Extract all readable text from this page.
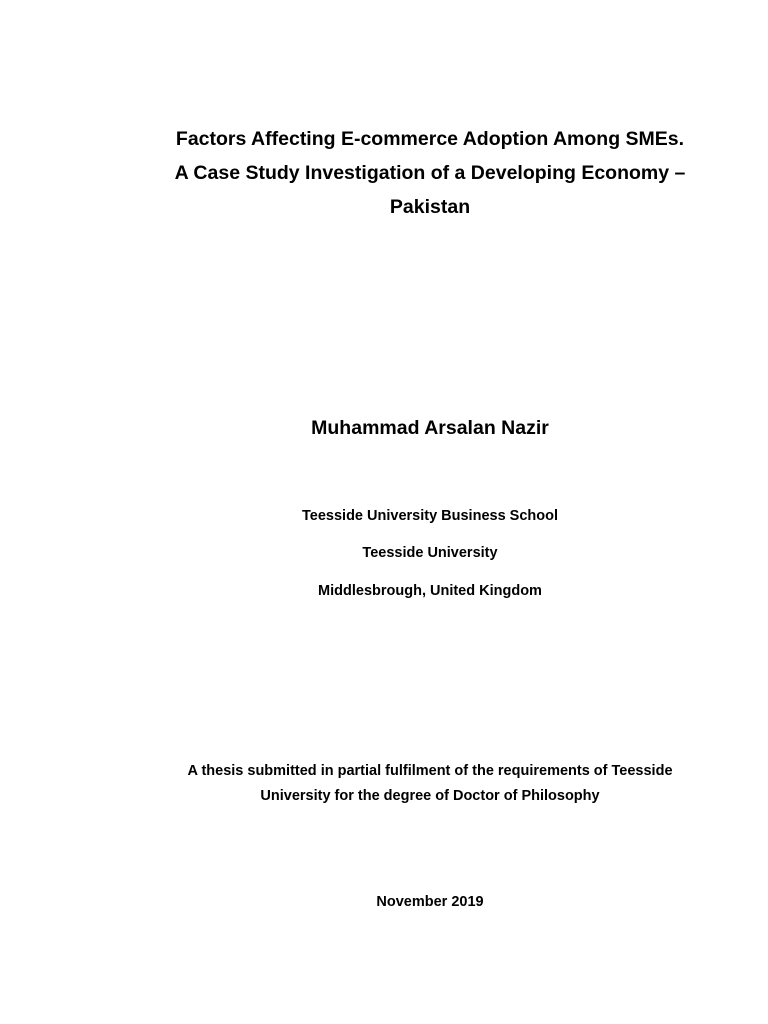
Factors Affecting E-commerce Adoption Among SMEs.
A Case Study Investigation of a Developing Economy –
Pakistan
Muhammad Arsalan Nazir
Teesside University Business School
Teesside University
Middlesbrough, United Kingdom
A thesis submitted in partial fulfilment of the requirements of Teesside
University for the degree of Doctor of Philosophy
November 2019
